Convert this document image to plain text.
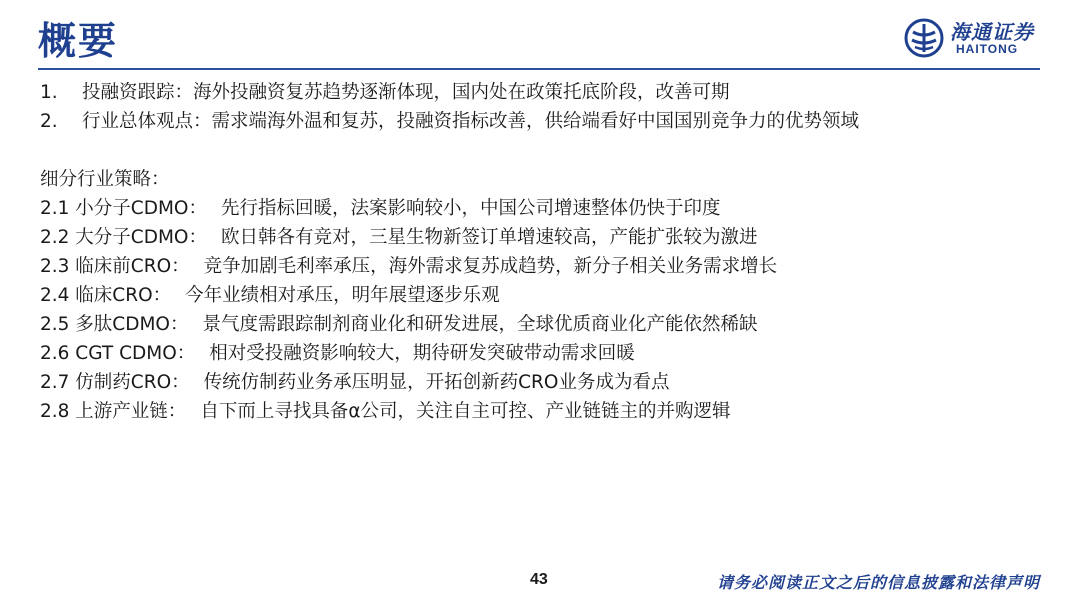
概要	海通证券
HAITONG
1. 投融资跟踪：海外投融资复苏趋势逐渐体现，国内处在政策托底阶段，改善可期
2. 行业总体观点：需求端海外温和复苏，投融资指标改善，供给端看好中国国别竞争力的优势领域
细分行业策略：
2.1 小分子CDMO： 先行指标回暖，法案影响较小，中国公司增速整体仍快于印度
2.2 大分子CDMO： 欧日韩各有竞对，三星生物新签订单增速较高，产能扩张较为激进
2.3 临床前CRO： 竞争加剧毛利率承压，海外需求复苏成趋势，新分子相关业务需求增长
2.4 临床CRO： 今年业绩相对承压，明年展望逐步乐观
2.5 多肽CDMO： 景气度需跟踪制剂商业化和研发进展，全球优质商业化产能依然稀缺
2.6 CGT CDMO： 相对受投融资影响较大，期待研发突破带动需求回暖
2.7 仿制药CRO： 传统仿制药业务承压明显，开拓创新药CRO业务成为看点
2.8 上游产业链： 自下而上寻找具备α公司，关注自主可控、产业链链主的并购逻辑
43	请务必阅读正文之后的信息披露和法律声明
